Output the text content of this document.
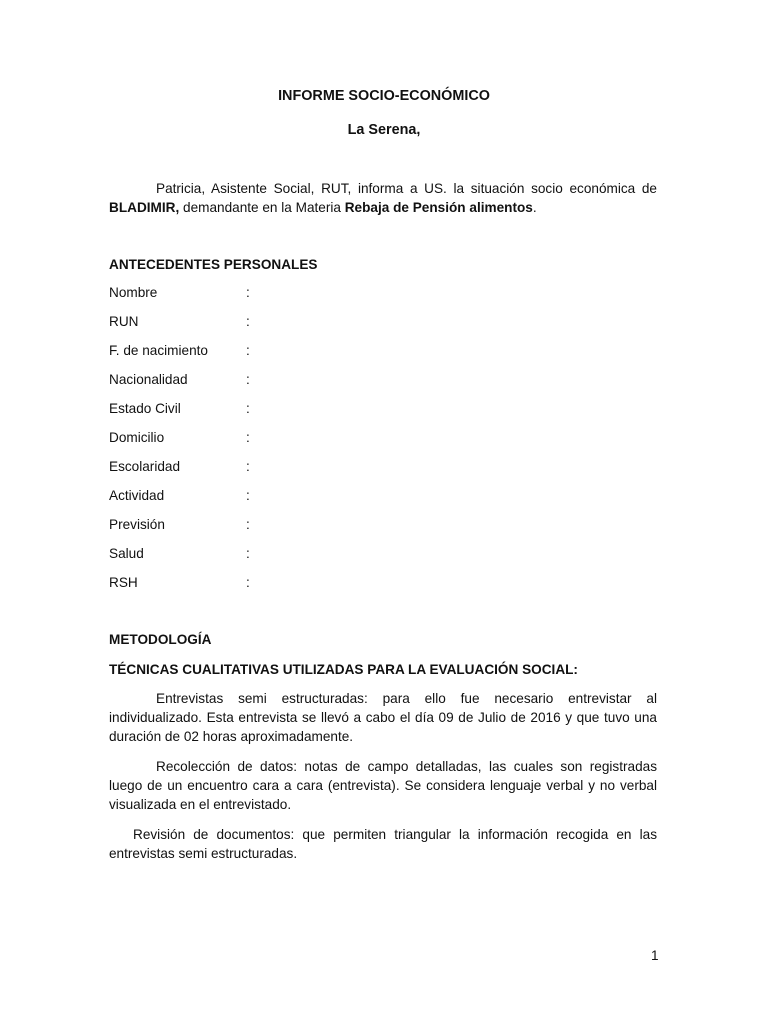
INFORME SOCIO-ECONÓMICO
La Serena,
Patricia, Asistente Social, RUT, informa a US. la situación socio económica de BLADIMIR, demandante en la Materia Rebaja de Pensión alimentos.
ANTECEDENTES PERSONALES
Nombre	:
RUN	:
F. de nacimiento	:
Nacionalidad	:
Estado Civil	:
Domicilio	:
Escolaridad	:
Actividad	:
Previsión	:
Salud	:
RSH	:
METODOLOGÍA
TÉCNICAS CUALITATIVAS UTILIZADAS PARA LA EVALUACIÓN SOCIAL:
Entrevistas semi estructuradas: para ello fue necesario entrevistar al individualizado. Esta entrevista se llevó a cabo el día 09 de Julio de 2016 y que tuvo una duración de 02 horas aproximadamente.
Recolección de datos: notas de campo detalladas, las cuales son registradas luego de un encuentro cara a cara (entrevista). Se considera lenguaje verbal y no verbal visualizada en el entrevistado.
Revisión de documentos: que permiten triangular la información recogida en las entrevistas semi estructuradas.
1
